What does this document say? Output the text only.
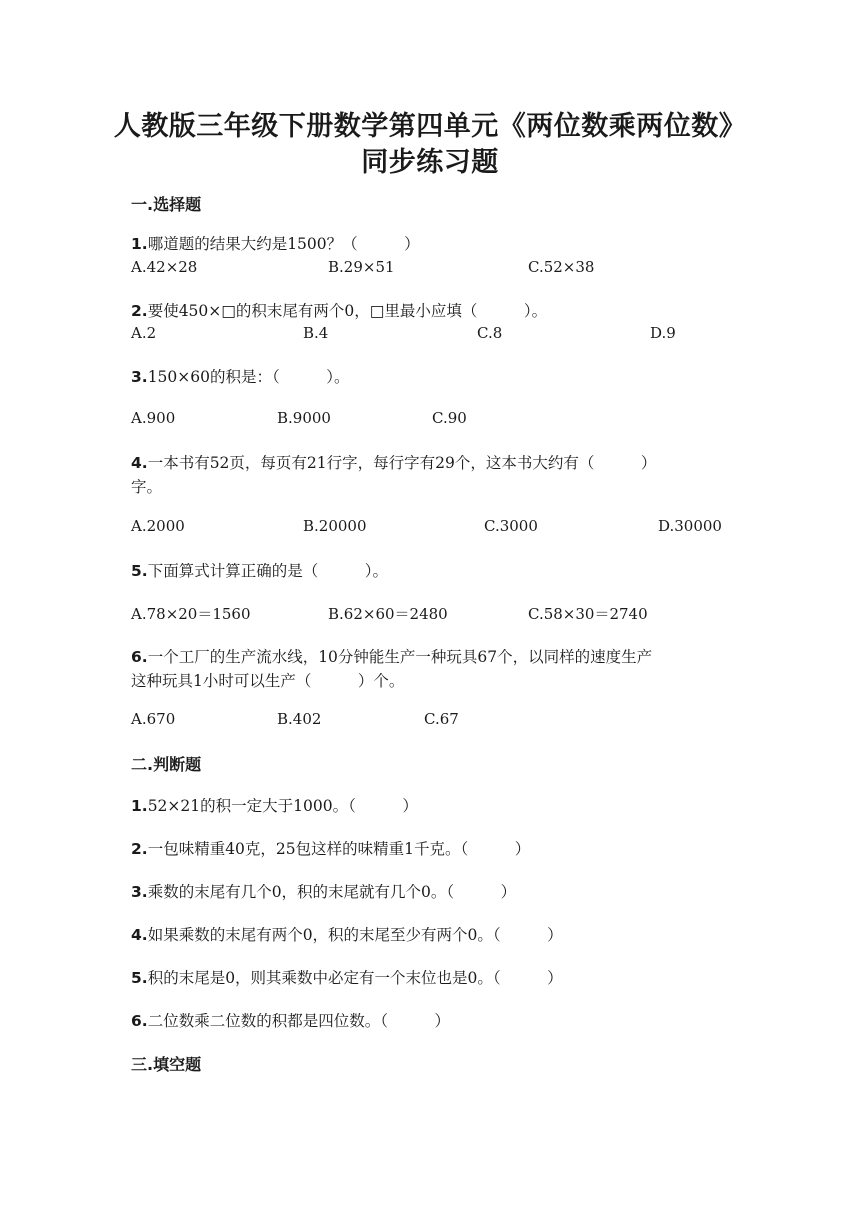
人教版三年级下册数学第四单元《两位数乘两位数》
同步练习题
一.选择题
1.哪道题的结果大约是1500？（　　　）
A.42×28	B.29×51	C.52×38
2.要使450×□的积末尾有两个0，□里最小应填（　　　）。
A.2	B.4	C.8	D.9
3.150×60的积是：（　　　）。
A.900	B.9000	C.90
4.一本书有52页，每页有21行字，每行字有29个，这本书大约有（　　　）
字。
A.2000	B.20000	C.3000	D.30000
5.下面算式计算正确的是（　　　）。
A.78×20＝1560	B.62×60＝2480	C.58×30＝2740
6.一个工厂的生产流水线，10分钟能生产一种玩具67个，以同样的速度生产
这种玩具1小时可以生产（　　　）个。
A.670	B.402	C.67
二.判断题
1.52×21的积一定大于1000。（　　　）
2.一包味精重40克，25包这样的味精重1千克。（　　　）
3.乘数的末尾有几个0，积的末尾就有几个0。（　　　）
4.如果乘数的末尾有两个0，积的末尾至少有两个0。（　　　）
5.积的末尾是0，则其乘数中必定有一个末位也是0。（　　　）
6.二位数乘二位数的积都是四位数。（　　　）
三.填空题
